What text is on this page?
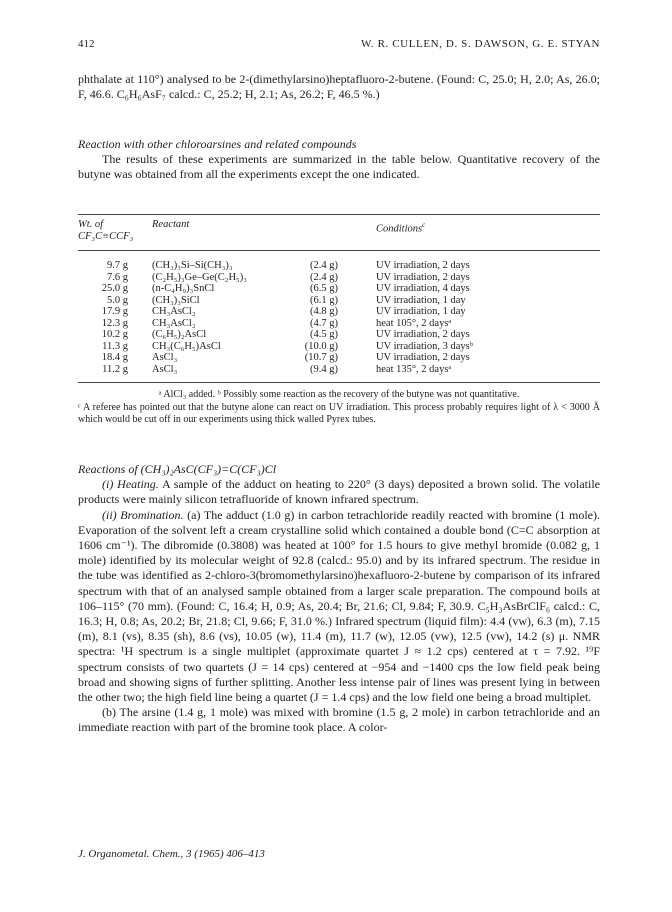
412	W. R. CULLEN, D. S. DAWSON, G. E. STYAN

phthalate at 110°) analysed to be 2-(dimethylarsino)heptafluoro-2-butene. (Found: C, 25.0; H, 2.0; As, 26.0; F, 46.6. C₆H₆AsF₇ calcd.: C, 25.2; H, 2.1; As, 26.2; F, 46.5 %.)

Reaction with other chloroarsines and related compounds

The results of these experiments are summarized in the table below. Quantitative recovery of the butyne was obtained from all the experiments except the one indicated.

Wt. of CF₃C≡CCF₃
Reactant	Conditions$^c$
9.7 g (CH₃)₃Si–Si(CH₃)₃	(2.4 g)	UV irradiation, 2 days
7.6 g (C₂H₅)₃Ge–Ge(C₂H₅)₃	(2.4 g)	UV irradiation, 2 days
25.0 g (n-C₄H₉)₃SnCl	(6.5 g)	UV irradiation, 4 days
5.0 g (CH₃)₃SiCl	(6.1 g)	UV irradiation, 1 day
17.9 g CH₃AsCl₂	(4.8 g)	UV irradiation, 1 day
12.3 g CH₃AsCl₂	(4.7 g)	heat 105°, 2 daysᵃ
10.2 g (C₆H₅)₂AsCl	(4.5 g)	UV irradiation, 2 days
11.3 g CH₃(C₆H₅)AsCl	(10.0 g)	UV irradiation, 3 daysᵇ
18.4 g AsCl₃	(10.7 g)	UV irradiation, 2 days
11.2 g AsCl₃	(9.4 g)	heat 135°, 2 daysᵃ

ᵃ AlCl₃ added. ᵇ Possibly some reaction as the recovery of the butyne was not quantitative.

ᶜ A referee has pointed out that the butyne alone can react on UV irradiation. This process probably requires light of λ < 3000 Å which would be cut off in our experiments using thick walled Pyrex tubes.

Reactions of (CH₃)₂AsC(CF₃)=C(CF₃)Cl

(i) Heating. A sample of the adduct on heating to 220° (3 days) deposited a brown solid. The volatile products were mainly silicon tetrafluoride of known infrared spectrum.

(ii) Bromination. (a) The adduct (1.0 g) in carbon tetrachloride readily reacted with bromine (1 mole). Evaporation of the solvent left a cream crystalline solid which contained a double bond (C=C absorption at 1606 cm⁻¹). The dibromide (0.3808) was heated at 100° for 1.5 hours to give methyl bromide (0.082 g, 1 mole) identified by its molecular weight of 92.8 (calcd.: 95.0) and by its infrared spectrum. The residue in the tube was identified as 2-chloro-3(bromomethylarsino)hexafluoro-2-butene by comparison of its infrared spectrum with that of an analysed sample obtained from a larger scale preparation. The compound boils at 106–115° (70 mm). (Found: C, 16.4; H, 0.9; As, 20.4; Br, 21.6; Cl, 9.84; F, 30.9. C₅H₃AsBrClF₆ calcd.: C, 16.3; H, 0.8; As, 20.2; Br, 21.8; Cl, 9.66; F, 31.0 %.) Infrared spectrum (liquid film): 4.4 (vw), 6.3 (m), 7.15 (m), 8.1 (vs), 8.35 (sh), 8.6 (vs), 10.05 (w), 11.4 (m), 11.7 (w), 12.05 (vw), 12.5 (vw), 14.2 (s) μ. NMR spectra: ¹H spectrum is a single multiplet (approximate quartet J ≈ 1.2 cps) centered at τ = 7.92. ¹⁹F spectrum consists of two quartets (J = 14 cps) centered at −954 and −1400 cps the low field peak being broad and showing signs of further splitting. Another less intense pair of lines was present lying in between the other two; the high field line being a quartet (J = 1.4 cps) and the low field one being a broad multiplet.

(b) The arsine (1.4 g, 1 mole) was mixed with bromine (1.5 g, 2 mole) in carbon tetrachloride and an immediate reaction with part of the bromine took place. A color-

J. Organometal. Chem., 3 (1965) 406–413
